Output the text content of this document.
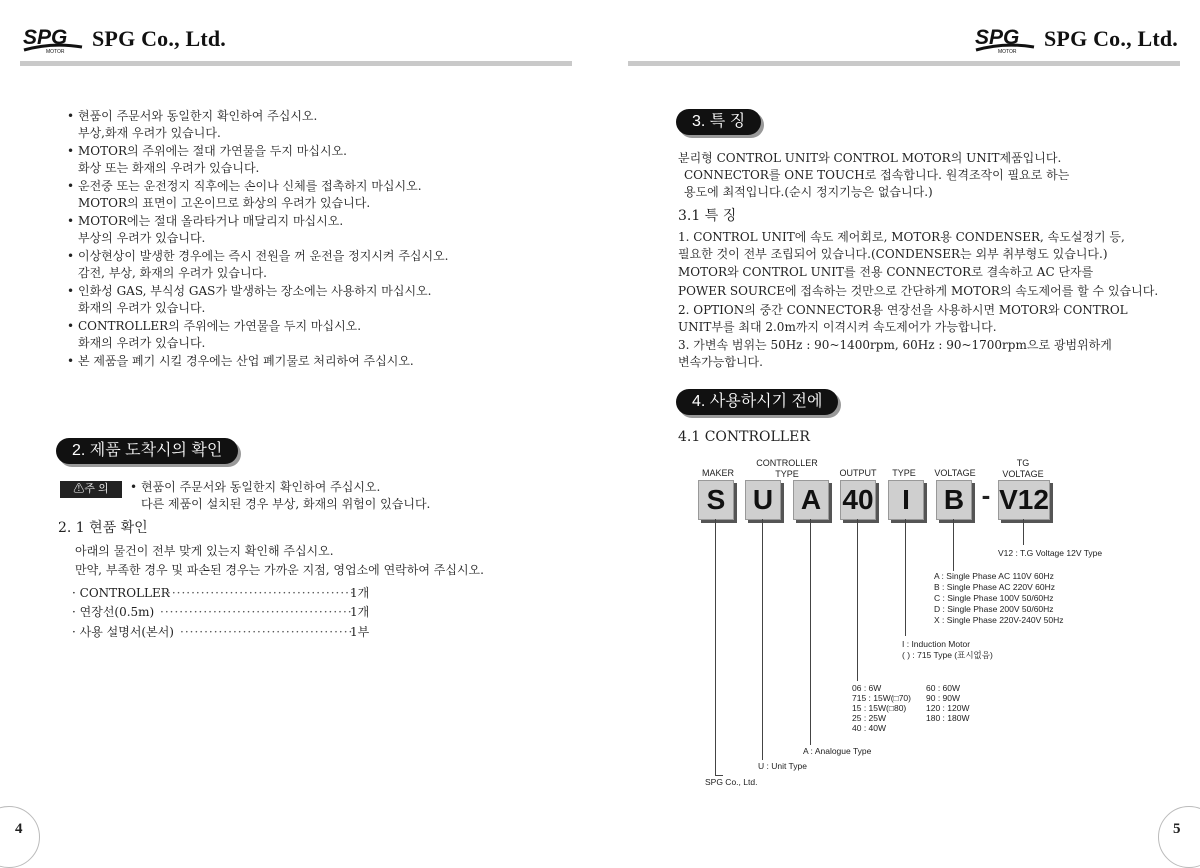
SPG
MOTOR
SPG Co., Ltd.	SPG
MOTOR
SPG Co., Ltd.
• 현품이 주문서와 동일한지 확인하여 주십시오.
부상,화재 우려가 있습니다.
• MOTOR의 주위에는 절대 가연물을 두지 마십시오.
화상 또는 화재의 우려가 있습니다.
• 운전중 또는 운전정지 직후에는 손이나 신체를 접촉하지 마십시오.
MOTOR의 표면이 고온이므로 화상의 우려가 있습니다.
• MOTOR에는 절대 올라타거나 매달리지 마십시오.
부상의 우려가 있습니다.
• 이상현상이 발생한 경우에는 즉시 전원을 꺼 운전을 정지시켜 주십시오.
감전, 부상, 화재의 우려가 있습니다.
• 인화성 GAS, 부식성 GAS가 발생하는 장소에는 사용하지 마십시오.
화재의 우려가 있습니다.
• CONTROLLER의 주위에는 가연물을 두지 마십시오.
화재의 우려가 있습니다.
• 본 제품을 폐기 시킬 경우에는 산업 폐기물로 처리하여 주십시오.
2. 제품 도착시의 확인
⚠주 의
•	현품이 주문서와 동일한지 확인하여 주십시오.
다른 제품이 설치된 경우 부상, 화재의 위험이 있습니다.
2. 1 현품 확인
아래의 물건이 전부 맞게 있는지 확인해 주십시오.
만약, 부족한 경우 및 파손된 경우는 가까운 지점, 영업소에 연락하여 주십시오.
· CONTROLLER
·······································
1개
· 연장선(0.5m) ········································
1개
· 사용 설명서(본서) ····································
1부
3. 특 징
분리형 CONTROL UNIT와 CONTROL MOTOR의 UNIT제품입니다.
CONNECTOR를 ONE TOUCH로 접속합니다. 원격조작이 필요로 하는
용도에 최적입니다.(순시 정지기능은 없습니다.)
3.1 특 징
1. CONTROL UNIT에 속도 제어회로, MOTOR용 CONDENSER, 속도설정기 등,
필요한 것이 전부 조립되어 있습니다.(CONDENSER는 외부 취부형도 있습니다.)
MOTOR와 CONTROL UNIT를 전용 CONNECTOR로 결속하고 AC 단자를
POWER SOURCE에 접속하는 것만으로 간단하게 MOTOR의 속도제어를 할 수 있습니다.
2. OPTION의 중간 CONNECTOR용 연장선을 사용하시면 MOTOR와 CONTROL
UNIT부를 최대 2.0m까지 이격시켜 속도제어가 가능합니다.
3. 가변속 범위는 50Hz : 90~1400rpm, 60Hz : 90~1700rpm으로 광범위하게
변속가능합니다.
4. 사용하시기 전에
4.1 CONTROLLER
MAKER
CONTROLLER
TYPE	OUTPUT	TYPE	VOLTAGE
TG
VOLTAGE
S U A 40	I	B - V12
V12 : T.G Voltage 12V Type
A : Single Phase AC 110V 60Hz
B : Single Phase AC 220V 60Hz
C : Single Phase 100V 50/60Hz
D : Single Phase 200V 50/60Hz
X : Single Phase 220V-240V 50Hz
I : Induction Motor
( ) : 715 Type (표시없음)
06 : 6W
715 : 15W(□70)
15 : 15W(□80)
25 : 25W
40 : 40W
60 : 60W
90 : 90W
120 : 120W
180 : 180W
A : Analogue Type
U : Unit Type
SPG Co., Ltd.
4	5
